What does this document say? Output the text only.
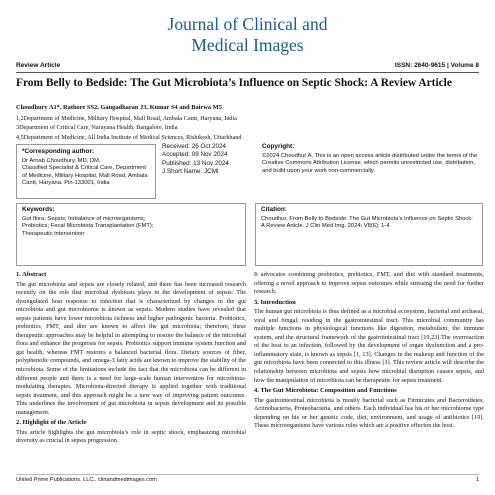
Journal of Clinical and
Medical Images
Review Article	ISSN: 2640-9615 | Volume 8
From Belly to Bedside: The Gut Microbiota’s Influence on Septic Shock: A Review Article
Choudhury A1*, Rathore SS2, Gangadharan J3, Kumar S4 and Bairwa M5
1,2Department of Medicine, Military Hospital, Mall Road, Ambala Cantt, Haryana, India
3Department of Critical Care, Narayana Health, Bangalore, India
4,5Department of Medicine, All India Institute of Medical Sciences, Rishikesh, Uttarkhand
*Corresponding author:
Dr Arnab Choudhury, MD, DM,
Classified Specialist & Critical Care, Department
of Medicine, Military Hospital, Mall Road, Ambala
Cantt, Haryana. Pin-133001, India
Received: 26 Oct 2024
Accepted: 09 Nov 2024
Published: 13 Nov 2024
J Short Name: JCMI
Copyright:
©2024 Choudhur A, This is an open access article distributed under the terms of the Creative Commons Attribution License, which permits unrestricted use, distribution, and build upon your work non-commercially.
Keywords:
Gut flora; Sepsis; Imbalance of microorganisms;
Probiotics; Fecal Microbiota Transplantation (FMT);
Therapeutic intervention
Citation:
Choudhur, From Belly to Bedside: The Gut Microbiota’s Influence on Septic Shock: A Review Article. J Clin Med Img. 2024; V8(6): 1-4
1. Abstract

The gut microbiota and sepsis are closely related, and there has been increased research recently on the role that microbial dysbiosis plays in the development of sepsis. The dysregulated host response to infection that is characterized by changes in the gut microbiota and gut microbiome is known as sepsis. Modern studies have revealed that sepsis patients have lower microbiota richness and higher pathogenic bacteria. Probiotics, prebiotics, FMT, and diet are known to affect the gut microbiota; therefore, these therapeutic approaches may be helpful in attempting to restore the balance of the microbial flora and enhance the prognosis for sepsis. Probiotics support immune system function and gut health, whereas FMT restores a balanced bacterial flora. Dietary sources of fiber, polyphenolic compounds, and omega-3 fatty acids are known to improve the stability of the microbiota. Some of the limitations include the fact that the microbiota can be different in different people and there is a need for large-scale human intervention for microbiota-modulating therapies. Microbiota-directed therapy is applied together with traditional sepsis treatment, and this approach might be a new way of improving patient outcomes. This underlines the involvement of gut microbiota in sepsis development and its possible management.

2. Highlight of the Article

This article highlights the gut microbiota’s role in septic shock, emphasizing microbial diversity as crucial in sepsis progression.

It advocates combining probiotics, prebiotics, FMT, and diet with standard treatments, offering a novel approach to improve sepsis outcomes while stressing the need for further research.

3. Introduction

The human gut microbiota is thus defined as a microbial ecosystem, bacterial and archaeal, viral and fungal, residing in the gastrointestinal tract. This microbial community has multiple functions in physiological functions like digestion, metabolism, the immune system, and the structural framework of the gastrointestinal tract [19,23].The overreaction of the host to an infection, followed by the development of organ dysfunction and a pro-inflammatory state, is known as sepsis [1, 13]. Changes in the makeup and function of the gut microbiota have been connected to this illness [1]. This review article will describe the relationship between microbiota and sepsis how microbial disruption causes sepsis, and how the manipulation of microbiota can be therapeutic for sepsis treatment.

4. The Gut Microbiota: Composition and Functions

The gastrointestinal microbiota is mostly bacterial such as Firmicutes and Bacteroidetes, Actinobacteria, Proteobacteria, and others. Each individual has his or her microbiome type depending on his or her genetic code, diet, environment, and usage of antibiotics [19]. These microorganisms have various roles which are a positive effecton the host.

United Prime Publications. LLC., clinandmedimages.com	1
